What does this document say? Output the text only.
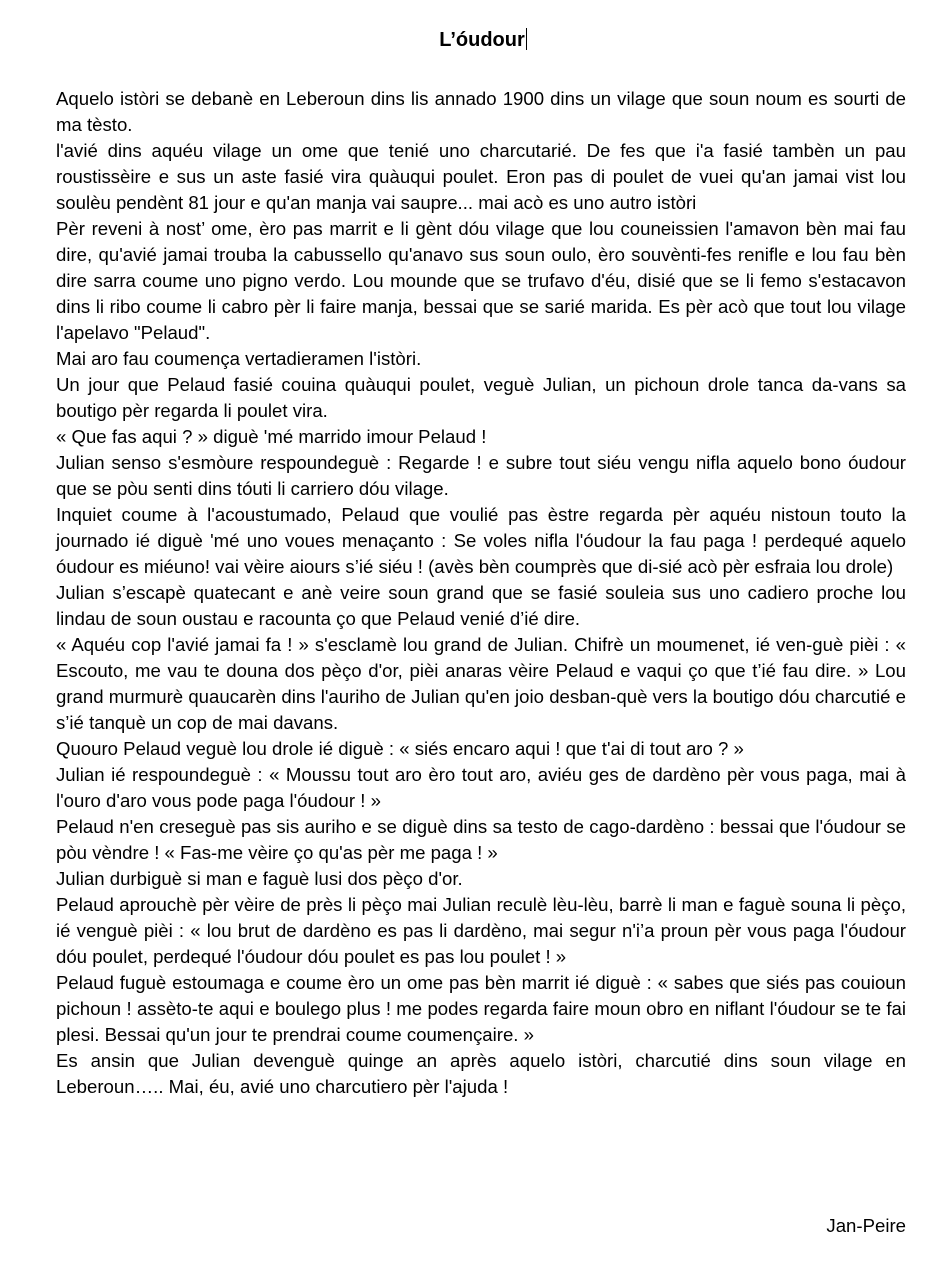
L’óudour

Aquelo istòri se debanè en Leberoun dins lis annado 1900 dins un vilage que soun noum es sourti de ma tèsto.

l'avié dins aquéu vilage un ome que tenié uno charcutarié. De fes que i'a fasié tambèn un pau roustissèire e sus un aste fasié vira quàuqui poulet. Eron pas di poulet de vuei qu'an jamai vist lou soulèu pendènt 81 jour e qu'an manja vai saupre... mai acò es uno autro istòri

Pèr reveni à nost’ ome, èro pas marrit e li gènt dóu vilage que lou couneissien l'amavon bèn mai fau dire, qu'avié jamai trouba la cabussello qu'anavo sus soun oulo, èro souvènti-fes renifle e lou fau bèn dire sarra coume uno pigno verdo. Lou mounde que se trufavo d'éu, disié que se li femo s'estacavon dins li ribo coume li cabro pèr li faire manja, bessai que se sarié marida. Es pèr acò que tout lou vilage l'apelavo "Pelaud".

Mai aro fau coumença vertadieramen l'istòri.

Un jour que Pelaud fasié couina quàuqui poulet, veguè Julian, un pichoun drole tanca da-vans sa boutigo pèr regarda li poulet vira.

« Que fas aqui ? » diguè 'mé marrido imour Pelaud !

Julian senso s'esmòure respoundeguè : Regarde ! e subre tout siéu vengu nifla aquelo bono óudour que se pòu senti dins tóuti li carriero dóu vilage.

Inquiet coume à l'acoustumado, Pelaud que voulié pas èstre regarda pèr aquéu nistoun touto la journado ié diguè 'mé uno voues menaçanto : Se voles nifla l'óudour la fau paga ! perdequé aquelo óudour es miéuno! vai vèire aiours s’ié siéu ! (avès bèn coumprès que di-sié acò pèr esfraia lou drole)

Julian s’escapè quatecant e anè veire soun grand que se fasié souleia sus uno cadiero proche lou lindau de soun oustau e racounta ço que Pelaud venié d’ié dire.

« Aquéu cop l'avié jamai fa ! » s'esclamè lou grand de Julian. Chifrè un moumenet, ié ven-guè pièi : « Escouto, me vau te douna dos pèço d'or, pièi anaras vèire Pelaud e vaqui ço que t’ié fau dire. » Lou grand murmurè quaucarèn dins l'auriho de Julian qu'en joio desban-què vers la boutigo dóu charcutié e s’ié tanquè un cop de mai davans.

Quouro Pelaud veguè lou drole ié diguè : « siés encaro aqui ! que t'ai di tout aro ? »

Julian ié respoundeguè : « Moussu tout aro èro tout aro, aviéu ges de dardèno pèr vous paga, mai à l'ouro d'aro vous pode paga l'óudour ! »

Pelaud n'en creseguè pas sis auriho e se diguè dins sa testo de cago-dardèno : bessai que l'óudour se pòu vèndre ! « Fas-me vèire ço qu'as pèr me paga ! »

Julian durbiguè si man e faguè lusi dos pèço d'or.

Pelaud aprouchè pèr vèire de près li pèço mai Julian reculè lèu-lèu, barrè li man e faguè souna li pèço, ié venguè pièi : « lou brut de dardèno es pas li dardèno, mai segur n'i’a proun pèr vous paga l'óudour dóu poulet, perdequé l'óudour dóu poulet es pas lou poulet ! »

Pelaud fuguè estoumaga e coume èro un ome pas bèn marrit ié diguè : « sabes que siés pas couioun pichoun ! assèto-te aqui e boulego plus ! me podes regarda faire moun obro en niflant l'óudour se te fai plesi. Bessai qu'un jour te prendrai coume coumençaire. »

Es ansin que Julian devenguè quinge an après aquelo istòri, charcutié dins soun vilage en Leberoun….. Mai, éu, avié uno charcutiero pèr l'ajuda !

Jan-Peire
